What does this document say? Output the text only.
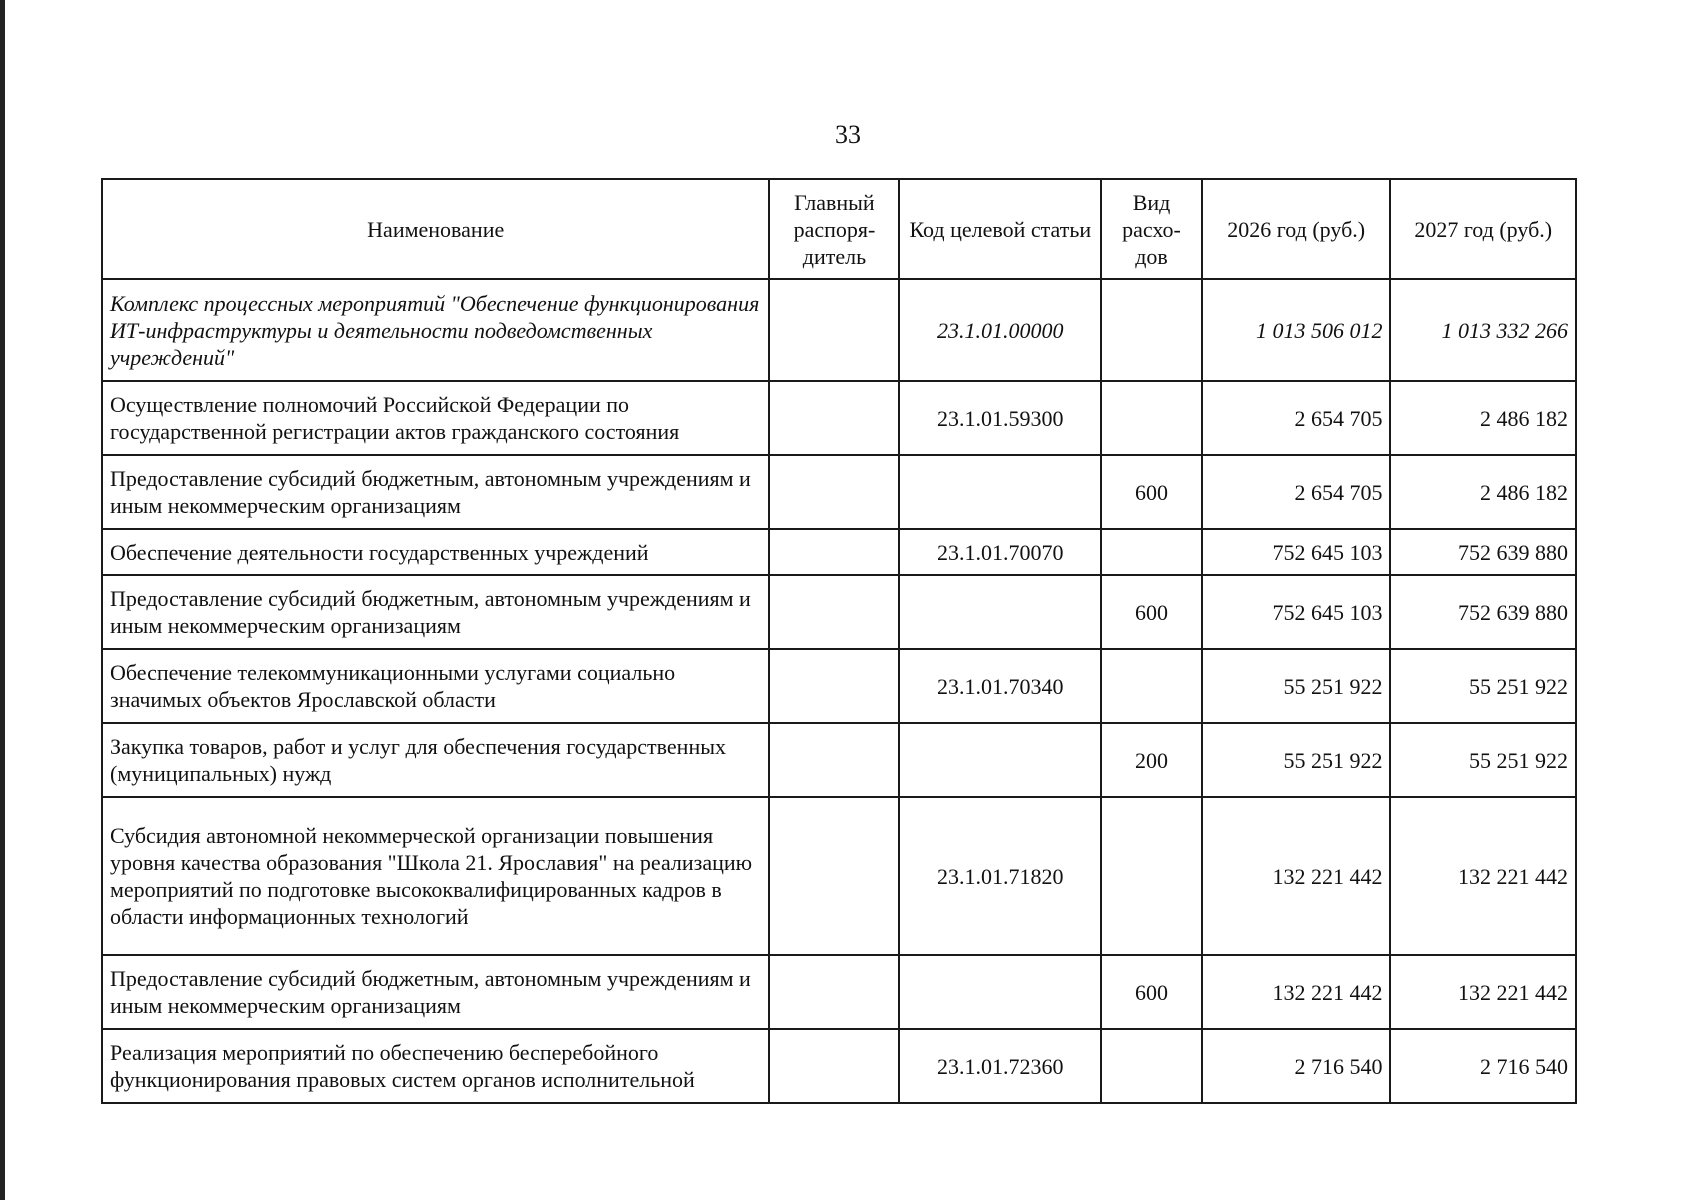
33
Наименование	Главный распоря-дитель	Код целевой статьи	Вид расхо-дов	2026 год (руб.)	2027 год (руб.)
Комплекс процессных мероприятий "Обеспечение функционирования ИТ-инфраструктуры и деятельности подведомственных учреждений"		23.1.01.00000		1 013 506 012	1 013 332 266
Осуществление полномочий Российской Федерации по государственной регистрации актов гражданского состояния		23.1.01.59300		2 654 705	2 486 182
Предоставление субсидий бюджетным, автономным учреждениям и иным некоммерческим организациям			600	2 654 705	2 486 182
Обеспечение деятельности государственных учреждений		23.1.01.70070		752 645 103	752 639 880
Предоставление субсидий бюджетным, автономным учреждениям и иным некоммерческим организациям			600	752 645 103	752 639 880
Обеспечение телекоммуникационными услугами социально значимых объектов Ярославской области		23.1.01.70340		55 251 922	55 251 922
Закупка товаров, работ и услуг для обеспечения государственных (муниципальных) нужд			200	55 251 922	55 251 922
Субсидия автономной некоммерческой организации повышения уровня качества образования "Школа 21. Ярославия" на реализацию мероприятий по подготовке высококвалифицированных кадров в области информационных технологий		23.1.01.71820		132 221 442	132 221 442
Предоставление субсидий бюджетным, автономным учреждениям и иным некоммерческим организациям			600	132 221 442	132 221 442
Реализация мероприятий по обеспечению бесперебойного функционирования правовых систем органов исполнительной		23.1.01.72360		2 716 540	2 716 540
